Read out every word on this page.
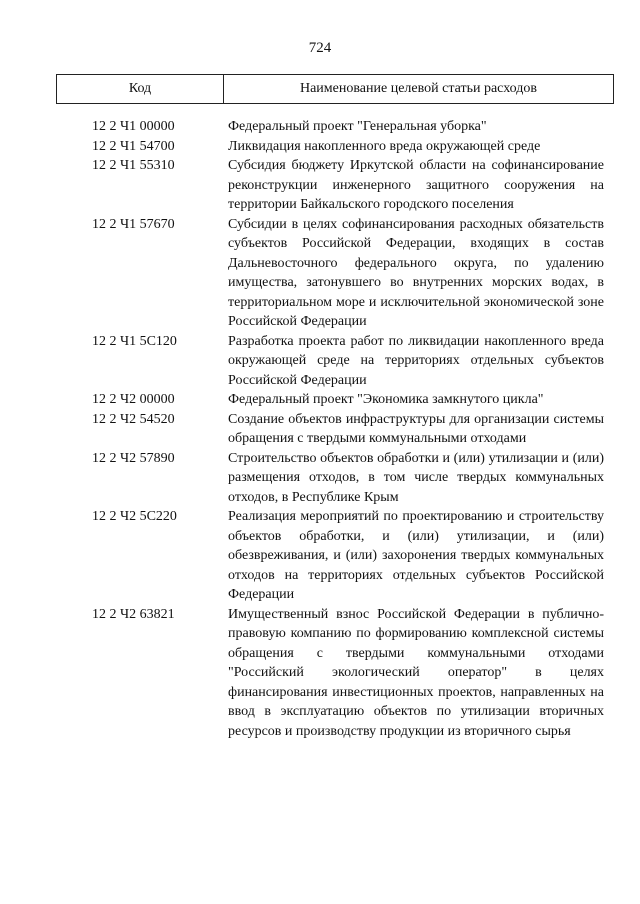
724
Код	Наименование целевой статьи расходов
12 2 Ч1 00000	Федеральный проект "Генеральная уборка"
12 2 Ч1 54700	Ликвидация накопленного вреда окружающей среде
12 2 Ч1 55310	Субсидия бюджету Иркутской области на софинансирование реконструкции инженерного защитного сооружения на территории Байкальского городского поселения
12 2 Ч1 57670	Субсидии в целях софинансирования расходных обязательств субъектов Российской Федерации, входящих в состав Дальневосточного федерального округа, по удалению имущества, затонувшего во внутренних морских водах, в территориальном море и исключительной экономической зоне Российской Федерации
12 2 Ч1 5С120	Разработка проекта работ по ликвидации накопленного вреда окружающей среде на территориях отдельных субъектов Российской Федерации
12 2 Ч2 00000	Федеральный проект "Экономика замкнутого цикла"
12 2 Ч2 54520	Создание объектов инфраструктуры для организации системы обращения с твердыми коммунальными отходами
12 2 Ч2 57890	Строительство объектов обработки и (или) утилизации и (или) размещения отходов, в том числе твердых коммунальных отходов, в Республике Крым
12 2 Ч2 5С220	Реализация мероприятий по проектированию и строительству объектов обработки, и (или) утилизации, и (или) обезвреживания, и (или) захоронения твердых коммунальных отходов на территориях отдельных субъектов Российской Федерации
12 2 Ч2 63821	Имущественный взнос Российской Федерации в публично-правовую компанию по формированию комплексной системы обращения с твердыми коммунальными отходами "Российский экологический оператор" в целях финансирования инвестиционных проектов, направленных на ввод в эксплуатацию объектов по утилизации вторичных ресурсов и производству продукции из вторичного сырья
